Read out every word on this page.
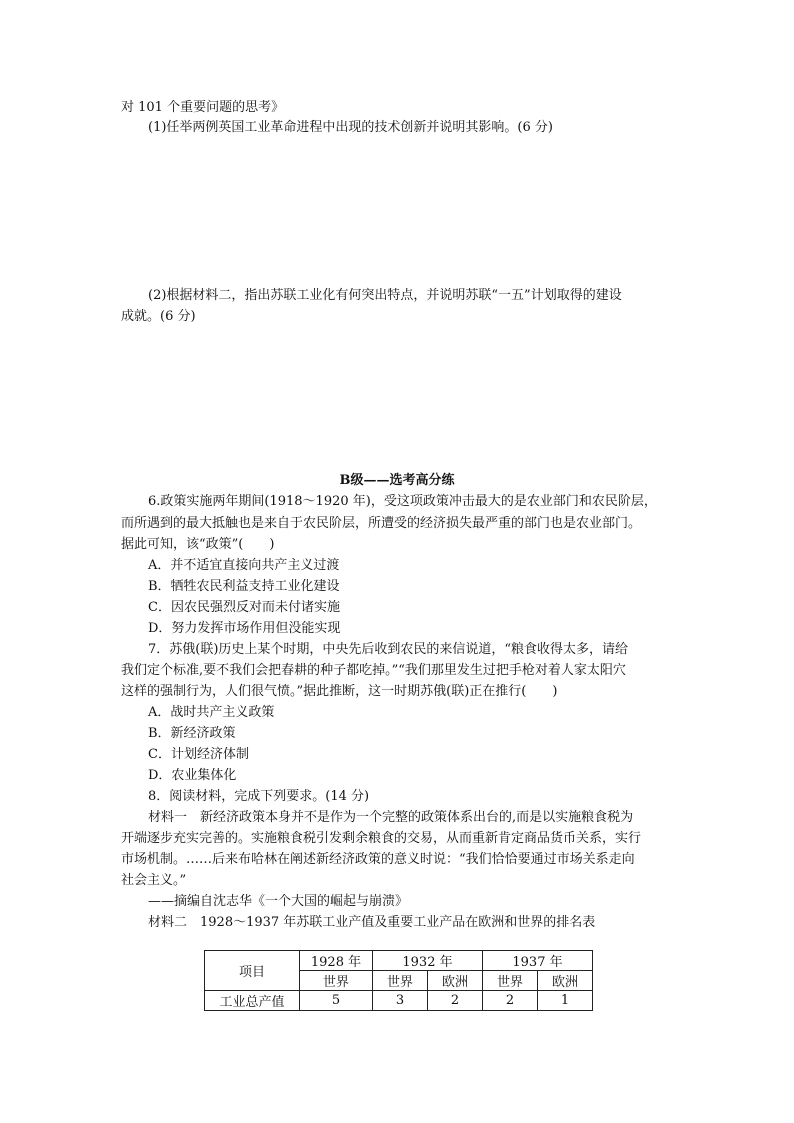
对 101 个重要问题的思考》
(1)任举两例英国工业革命进程中出现的技术创新并说明其影响。(6 分)
(2)根据材料二，指出苏联工业化有何突出特点，并说明苏联“一五”计划取得的建设
成就。(6 分)
B级——选考高分练
6.政策实施两年期间(1918～1920 年)，受这项政策冲击最大的是农业部门和农民阶层，
而所遇到的最大抵触也是来自于农民阶层，所遭受的经济损失最严重的部门也是农业部门。
据此可知，该“政策”(　　)
A．并不适宜直接向共产主义过渡
B．牺牲农民利益支持工业化建设
C．因农民强烈反对而未付诸实施
D．努力发挥市场作用但没能实现
7．苏俄(联)历史上某个时期，中央先后收到农民的来信说道，“粮食收得太多，请给
我们定个标准,要不我们会把春耕的种子都吃掉。”“我们那里发生过把手枪对着人家太阳穴
这样的强制行为，人们很气愤。”据此推断，这一时期苏俄(联)正在推行(　　)
A．战时共产主义政策
B．新经济政策
C．计划经济体制
D．农业集体化
8．阅读材料，完成下列要求。(14 分)
材料一　新经济政策本身并不是作为一个完整的政策体系出台的,而是以实施粮食税为
开端逐步充实完善的。实施粮食税引发剩余粮食的交易，从而重新肯定商品货币关系，实行
市场机制。……后来布哈林在阐述新经济政策的意义时说：“我们恰恰要通过市场关系走向
社会主义。”
——摘编自沈志华《一个大国的崛起与崩溃》
材料二　1928～1937 年苏联工业产值及重要工业产品在欧洲和世界的排名表
项目	1928 年	1932 年		1937 年	
	世界	世界	欧洲	世界	欧洲
工业总产值	5	3	2	2	1
